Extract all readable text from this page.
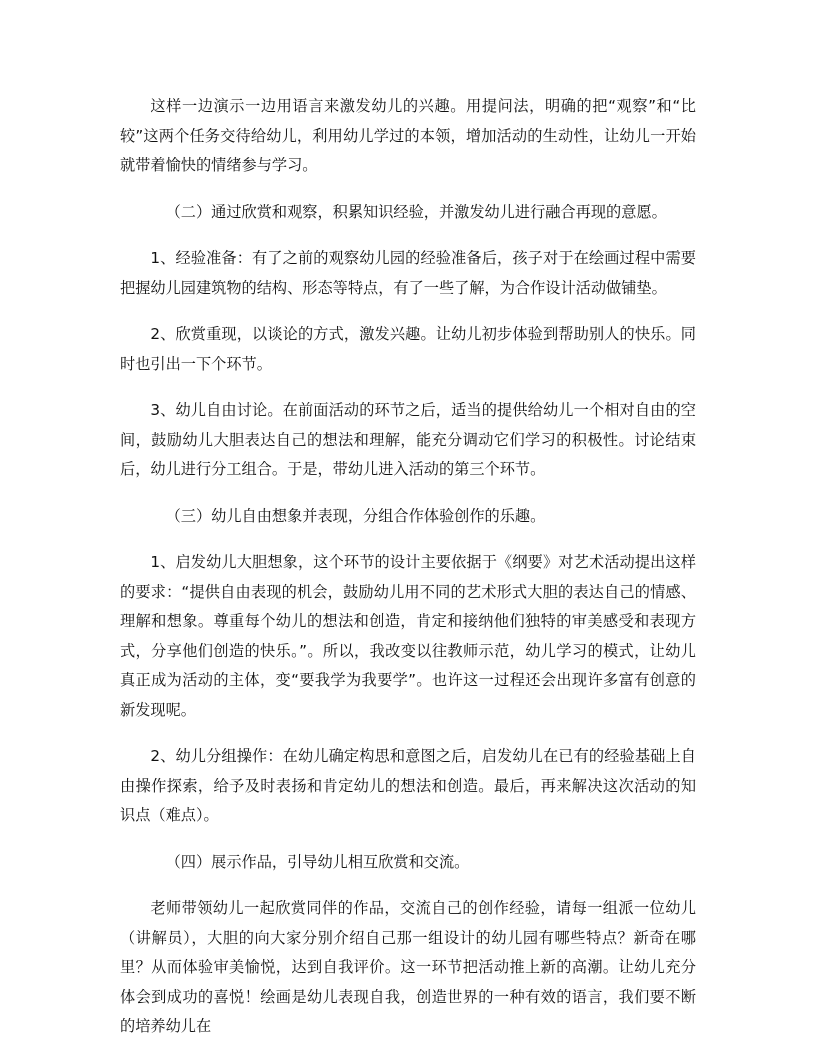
这样一边演示一边用语言来激发幼儿的兴趣。用提问法，明确的把“观察”和“比较”这两个任务交待给幼儿，利用幼儿学过的本领，增加活动的生动性，让幼儿一开始就带着愉快的情绪参与学习。

（二）通过欣赏和观察，积累知识经验，并激发幼儿进行融合再现的意愿。

1、经验准备：有了之前的观察幼儿园的经验准备后，孩子对于在绘画过程中需要把握幼儿园建筑物的结构、形态等特点，有了一些了解，为合作设计活动做铺垫。

2、欣赏重现，以谈论的方式，激发兴趣。让幼儿初步体验到帮助别人的快乐。同时也引出一下个环节。

3、幼儿自由讨论。在前面活动的环节之后，适当的提供给幼儿一个相对自由的空间，鼓励幼儿大胆表达自己的想法和理解，能充分调动它们学习的积极性。讨论结束后，幼儿进行分工组合。于是，带幼儿进入活动的第三个环节。

（三）幼儿自由想象并表现，分组合作体验创作的乐趣。

1、启发幼儿大胆想象，这个环节的设计主要依据于《纲要》对艺术活动提出这样的要求：“提供自由表现的机会，鼓励幼儿用不同的艺术形式大胆的表达自己的情感、理解和想象。尊重每个幼儿的想法和创造，肯定和接纳他们独特的审美感受和表现方式，分享他们创造的快乐。”。所以，我改变以往教师示范，幼儿学习的模式，让幼儿真正成为活动的主体，变“要我学为我要学”。也许这一过程还会出现许多富有创意的新发现呢。

2、幼儿分组操作：在幼儿确定构思和意图之后，启发幼儿在已有的经验基础上自由操作探索，给予及时表扬和肯定幼儿的想法和创造。最后，再来解决这次活动的知识点（难点）。

（四）展示作品，引导幼儿相互欣赏和交流。

老师带领幼儿一起欣赏同伴的作品，交流自己的创作经验，请每一组派一位幼儿（讲解员），大胆的向大家分别介绍自己那一组设计的幼儿园有哪些特点？新奇在哪里？从而体验审美愉悦，达到自我评价。这一环节把活动推上新的高潮。让幼儿充分体会到成功的喜悦！绘画是幼儿表现自我，创造世界的一种有效的语言，我们要不断的培养幼儿在
